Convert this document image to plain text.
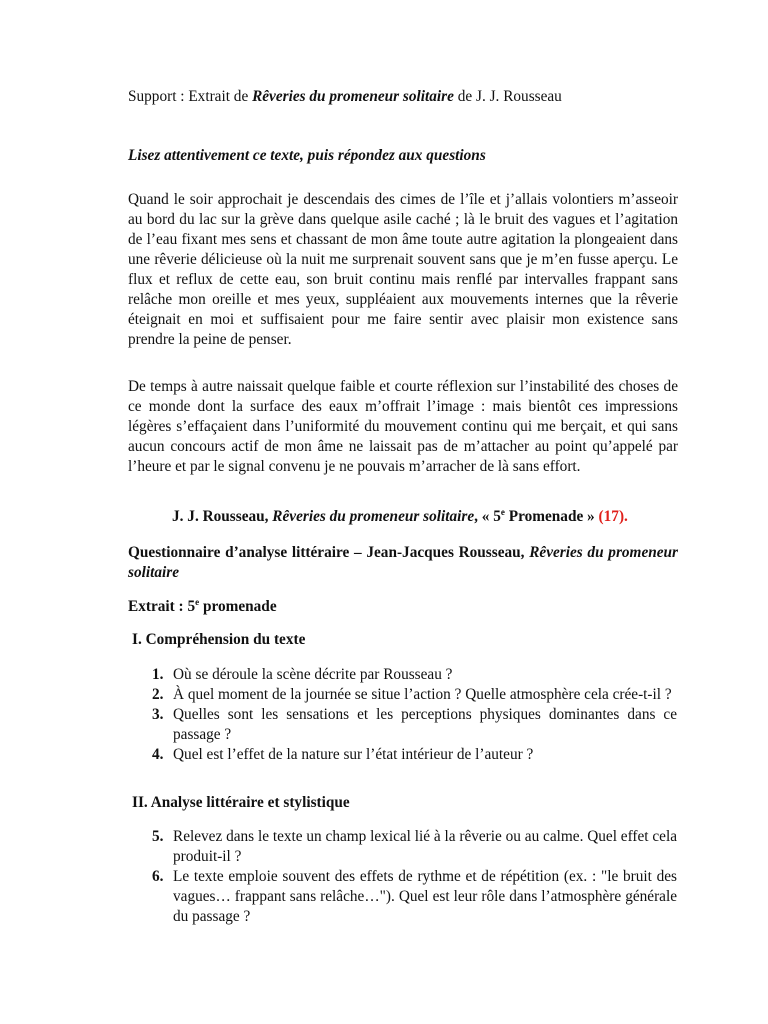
Support : Extrait de Rêveries du promeneur solitaire de J. J. Rousseau
Lisez attentivement ce texte, puis répondez aux questions
Quand le soir approchait je descendais des cimes de l’île et j’allais volontiers m’asseoir au bord du lac sur la grève dans quelque asile caché ; là le bruit des vagues et l’agitation de l’eau fixant mes sens et chassant de mon âme toute autre agitation la plongeaient dans une rêverie délicieuse où la nuit me surprenait souvent sans que je m’en fusse aperçu. Le flux et reflux de cette eau, son bruit continu mais renflé par intervalles frappant sans relâche mon oreille et mes yeux, suppléaient aux mouvements internes que la rêverie éteignait en moi et suffisaient pour me faire sentir avec plaisir mon existence sans prendre la peine de penser.
De temps à autre naissait quelque faible et courte réflexion sur l’instabilité des choses de ce monde dont la surface des eaux m’offrait l’image : mais bientôt ces impressions légères s’effaçaient dans l’uniformité du mouvement continu qui me berçait, et qui sans aucun concours actif de mon âme ne laissait pas de m’attacher au point qu’appelé par l’heure et par le signal convenu je ne pouvais m’arracher de là sans effort.
J. J. Rousseau, Rêveries du promeneur solitaire, « 5e Promenade » (17).
Questionnaire d’analyse littéraire – Jean-Jacques Rousseau, Rêveries du promeneur solitaire
Extrait : 5e promenade
I. Compréhension du texte
1. Où se déroule la scène décrite par Rousseau ?
2. À quel moment de la journée se situe l’action ? Quelle atmosphère cela crée-t-il ?
3. Quelles sont les sensations et les perceptions physiques dominantes dans ce passage ?
4. Quel est l’effet de la nature sur l’état intérieur de l’auteur ?
II. Analyse littéraire et stylistique
5. Relevez dans le texte un champ lexical lié à la rêverie ou au calme. Quel effet cela produit-il ?
6. Le texte emploie souvent des effets de rythme et de répétition (ex. : "le bruit des vagues… frappant sans relâche…"). Quel est leur rôle dans l’atmosphère générale du passage ?
